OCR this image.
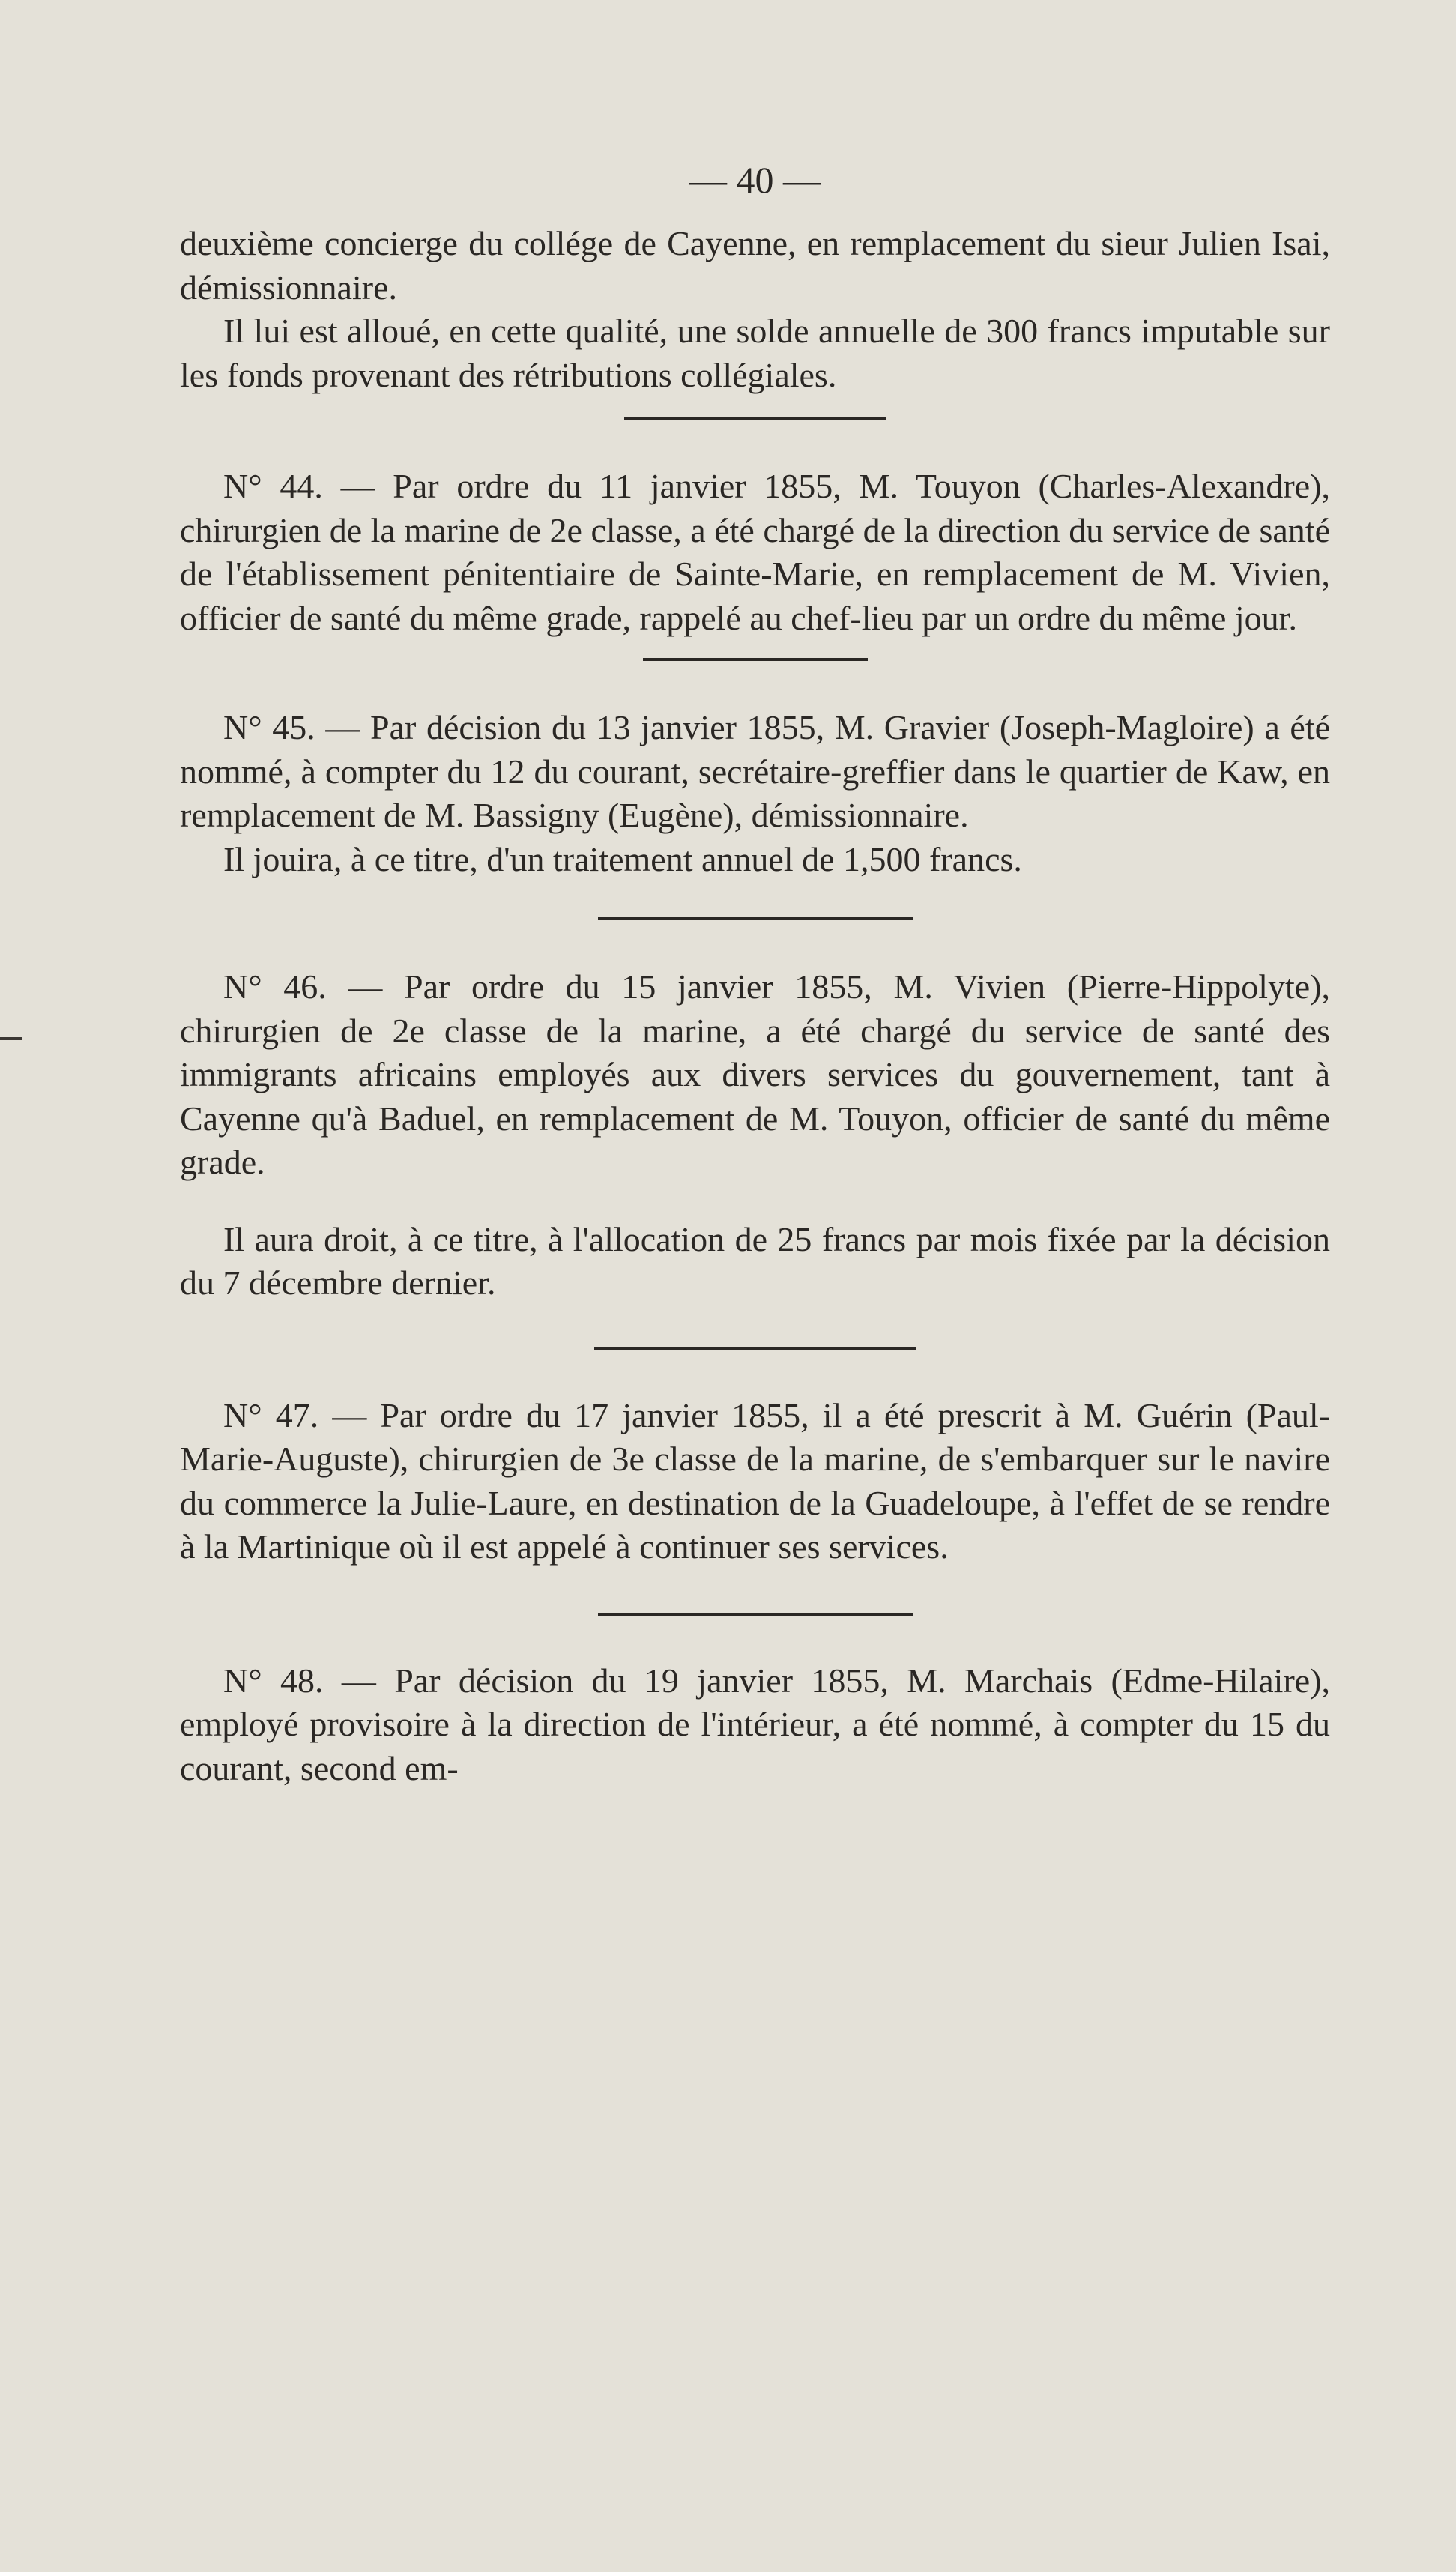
— 40 —

deuxième concierge du collége de Cayenne, en remplacement du sieur Julien Isai, démissionnaire.

Il lui est alloué, en cette qualité, une solde annuelle de 300 francs imputable sur les fonds provenant des rétributions collégiales.

N° 44. — Par ordre du 11 janvier 1855, M. Touyon (Charles-Alexandre), chirurgien de la marine de 2e classe, a été chargé de la direction du service de santé de l'établissement pénitentiaire de Sainte-Marie, en remplacement de M. Vivien, officier de santé du même grade, rappelé au chef-lieu par un ordre du même jour.

N° 45. — Par décision du 13 janvier 1855, M. Gravier (Joseph-Magloire) a été nommé, à compter du 12 du courant, secrétaire-greffier dans le quartier de Kaw, en remplacement de M. Bassigny (Eugène), démissionnaire.

Il jouira, à ce titre, d'un traitement annuel de 1,500 francs.

N° 46. — Par ordre du 15 janvier 1855, M. Vivien (Pierre-Hippolyte), chirurgien de 2e classe de la marine, a été chargé du service de santé des immigrants africains employés aux divers services du gouvernement, tant à Cayenne qu'à Baduel, en remplacement de M. Touyon, officier de santé du même grade.

Il aura droit, à ce titre, à l'allocation de 25 francs par mois fixée par la décision du 7 décembre dernier.

N° 47. — Par ordre du 17 janvier 1855, il a été prescrit à M. Guérin (Paul-Marie-Auguste), chirurgien de 3e classe de la marine, de s'embarquer sur le navire du commerce la Julie-Laure, en destination de la Guadeloupe, à l'effet de se rendre à la Martinique où il est appelé à continuer ses services.

N° 48. — Par décision du 19 janvier 1855, M. Marchais (Edme-Hilaire), employé provisoire à la direction de l'intérieur, a été nommé, à compter du 15 du courant, second em-
